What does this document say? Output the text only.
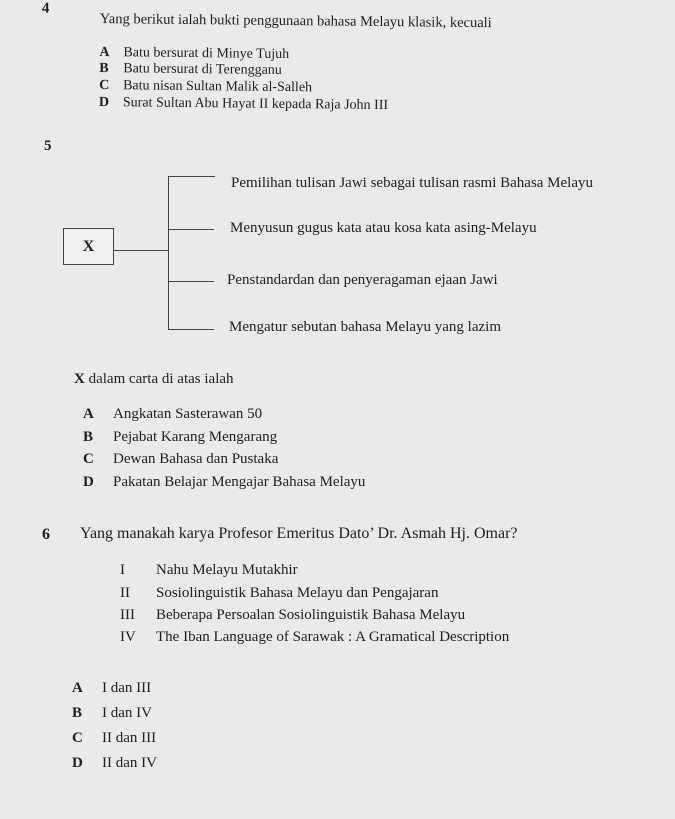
4
Yang berikut ialah bukti penggunaan bahasa Melayu klasik, kecuali
A Batu bersurat di Minye Tujuh
B Batu bersurat di Terengganu
C Batu nisan Sultan Malik al-Salleh
D Surat Sultan Abu Hayat II kepada Raja John III
5
X
Pemilihan tulisan Jawi sebagai tulisan rasmi Bahasa Melayu
Menyusun gugus kata atau kosa kata asing-Melayu
Penstandardan dan penyeragaman ejaan Jawi
Mengatur sebutan bahasa Melayu yang lazim
X dalam carta di atas ialah
A Angkatan Sasterawan 50
B Pejabat Karang Mengarang
C Dewan Bahasa dan Pustaka
D Pakatan Belajar Mengajar Bahasa Melayu
6 Yang manakah karya Profesor Emeritus Dato’ Dr. Asmah Hj. Omar?
I Nahu Melayu Mutakhir
II Sosiolinguistik Bahasa Melayu dan Pengajaran
III Beberapa Persoalan Sosiolinguistik Bahasa Melayu
IV The Iban Language of Sarawak : A Gramatical Description
A I dan III
B I dan IV
C II dan III
D II dan IV
